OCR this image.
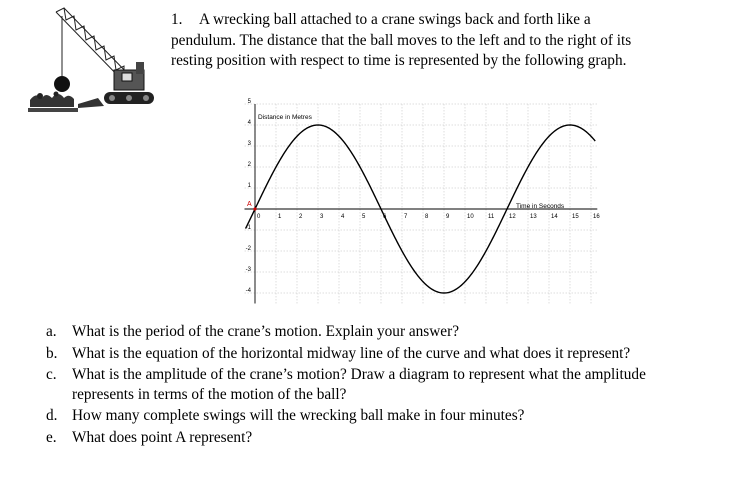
1. A wrecking ball attached to a crane swings back and forth like a pendulum. The distance that the ball moves to the left and to the right of its resting position with respect to time is represented by the following graph.
0	1	2	3	4	5	6	7	8	9	10 11 12 13 14 15 16
5
4
3
2
1
-1
-2
-3
-4
Distance in Metres
Time in Seconds
A
a.	What is the period of the crane’s motion. Explain your answer?
b. What is the equation of the horizontal midway line of the curve and what does it represent?
c.	What is the amplitude of the crane’s motion? Draw a diagram to represent what the amplitude represents in terms of the motion of the ball?
d. How many complete swings will the wrecking ball make in four minutes?
e.	What does point A represent?
